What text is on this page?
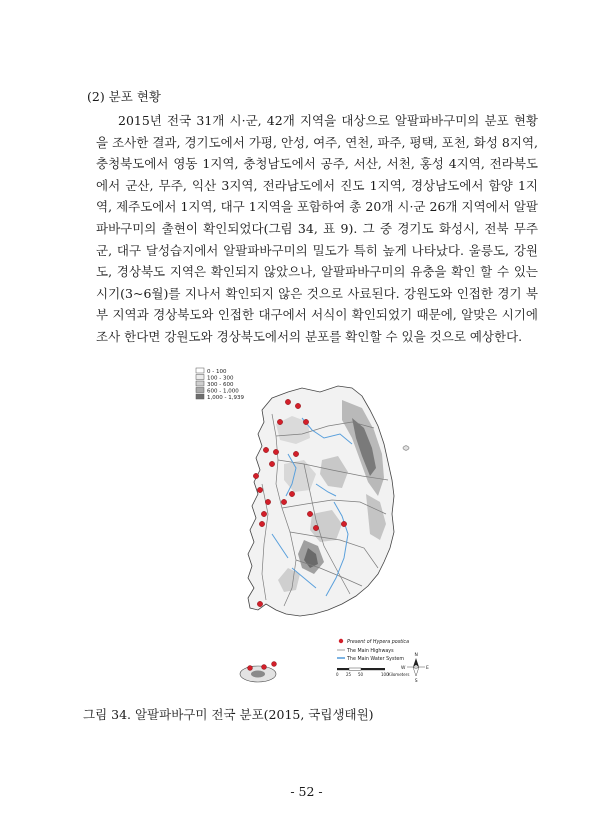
(2) 분포 현황

2015년 전국 31개 시·군, 42개 지역을 대상으로 알팔파바구미의 분포 현황을 조사한 결과, 경기도에서 가평, 안성, 여주, 연천, 파주, 평택, 포천, 화성 8지역, 충청북도에서 영동 1지역, 충청남도에서 공주, 서산, 서천, 홍성 4지역, 전라북도에서 군산, 무주, 익산 3지역, 전라남도에서 진도 1지역, 경상남도에서 함양 1지역, 제주도에서 1지역, 대구 1지역을 포함하여 총 20개 시·군 26개 지역에서 알팔파바구미의 출현이 확인되었다(그림 34, 표 9). 그 중 경기도 화성시, 전북 무주군, 대구 달성습지에서 알팔파바구미의 밀도가 특히 높게 나타났다. 울릉도, 강원도, 경상북도 지역은 확인되지 않았으나, 알팔파바구미의 유충을 확인 할 수 있는 시기(3~6월)를 지나서 확인되지 않은 것으로 사료된다. 강원도와 인접한 경기 북부 지역과 경상북도와 인접한 대구에서 서식이 확인되었기 때문에, 알맞은 시기에 조사 한다면 강원도와 경상북도에서의 분포를 확인할 수 있을 것으로 예상한다.

0 - 100
100 - 300
300 - 600
600 - 1,000
1,000 - 1,939
Present of Hypera postica
The Main Highways
The Main Water System
0 25 50	100 Kilometers
N
S
E
W
그림 34. 알팔파바구미 전국 분포(2015, 국립생태원)
- 52 -
